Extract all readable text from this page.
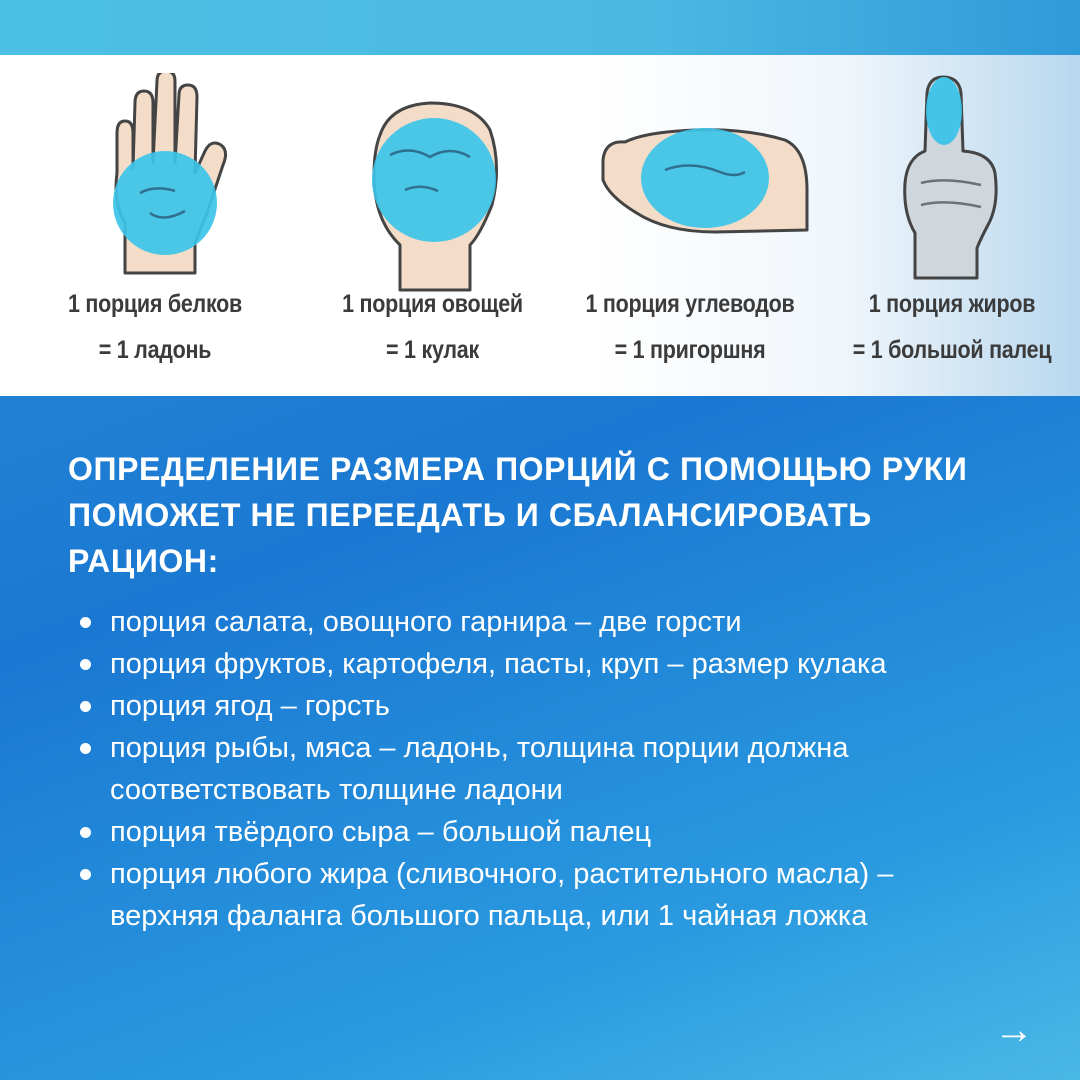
1 порция белков
= 1 ладонь
1 порция овощей
= 1 кулак
1 порция углеводов
= 1 пригоршня
1 порция жиров
= 1 большой палец
ОПРЕДЕЛЕНИЕ РАЗМЕРА ПОРЦИЙ С ПОМОЩЬЮ РУКИ ПОМОЖЕТ НЕ ПЕРЕЕДАТЬ И СБАЛАНСИРОВАТЬ РАЦИОН:
порция салата, овощного гарнира – две горсти
порция фруктов, картофеля, пасты, круп – размер кулака
порция ягод – горсть
порция рыбы, мяса – ладонь, толщина порции должна соответствовать толщине ладони
порция твёрдого сыра – большой палец
порция любого жира (сливочного, растительного масла) – верхняя фаланга большого пальца, или 1 чайная ложка
→
